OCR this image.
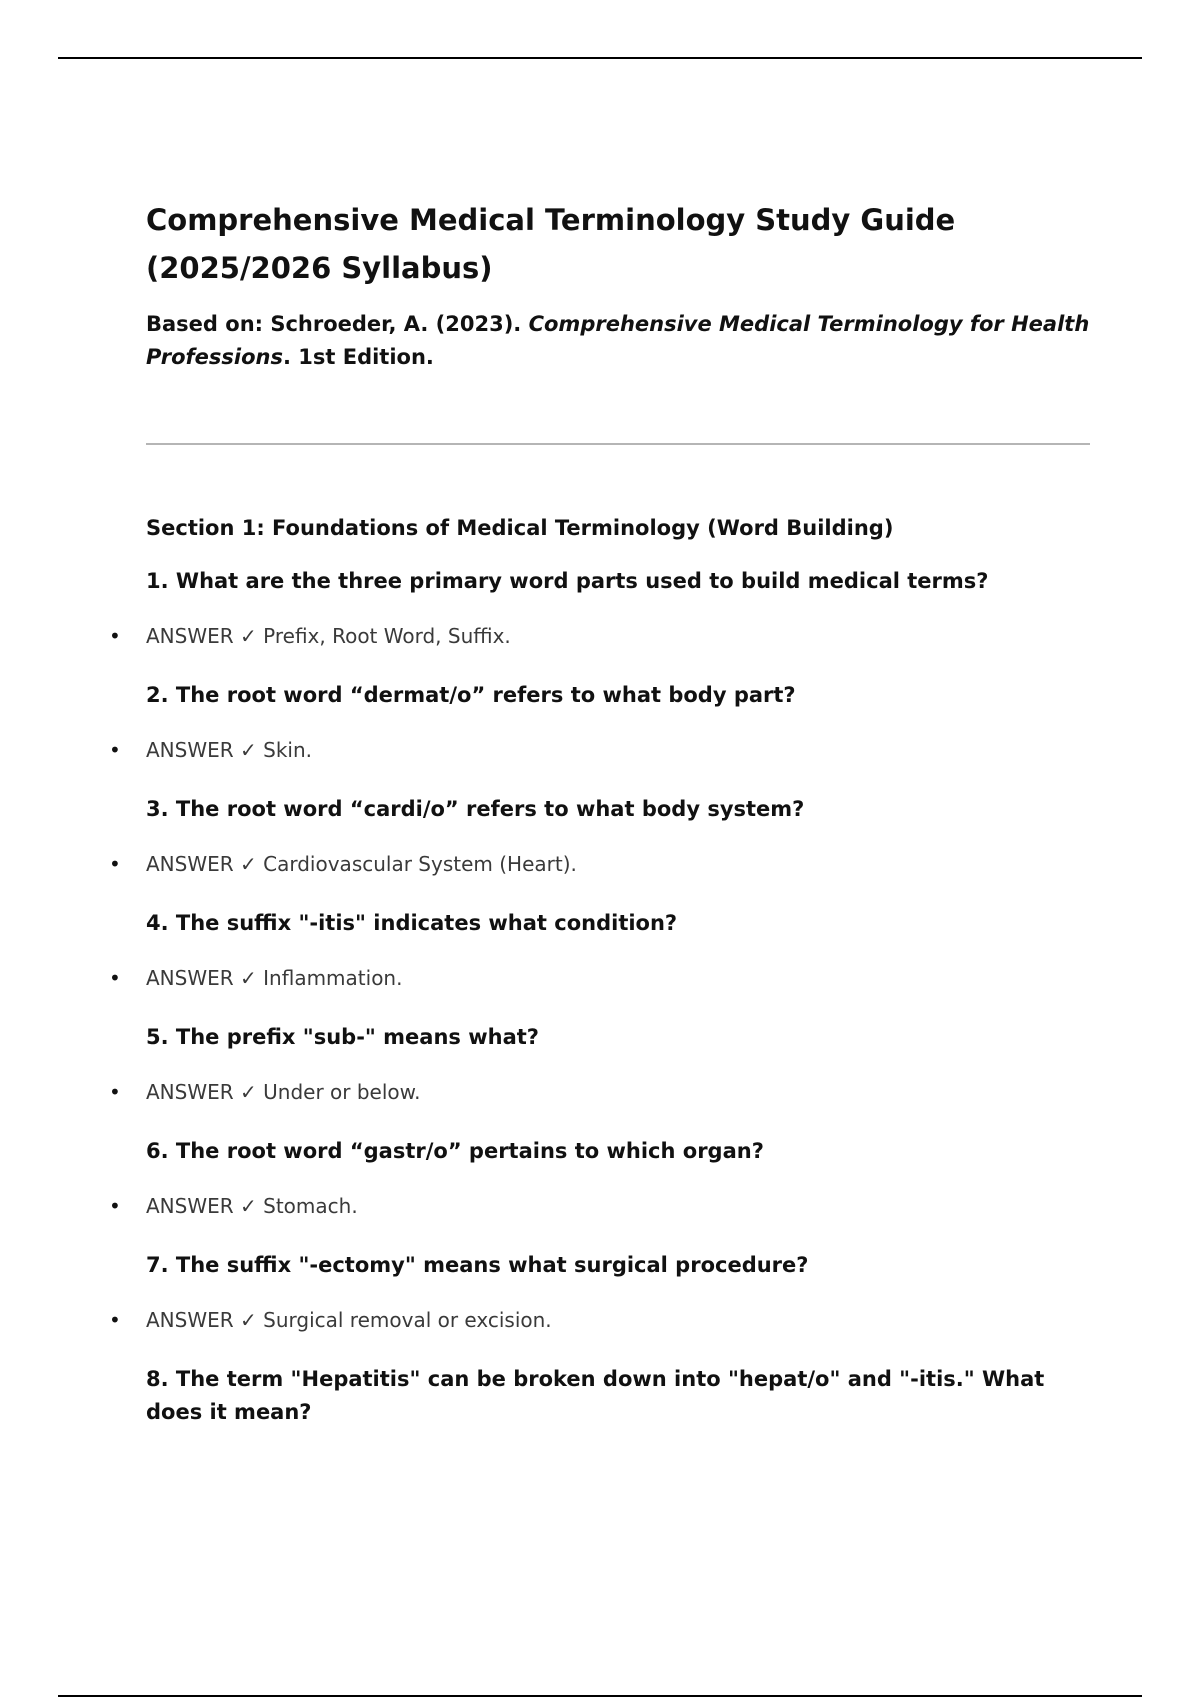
Comprehensive Medical Terminology Study Guide (2025/2026 Syllabus)

Based on: Schroeder, A. (2023). Comprehensive Medical Terminology for Health Professions. 1st Edition.

Section 1: Foundations of Medical Terminology (Word Building)

1. What are the three primary word parts used to build medical terms?

• ANSWER ✓ Prefix, Root Word, Suffix.

2. The root word “dermat/o” refers to what body part?

• ANSWER ✓ Skin.

3. The root word “cardi/o” refers to what body system?

• ANSWER ✓ Cardiovascular System (Heart).

4. The suffix "-itis" indicates what condition?

• ANSWER ✓ Inflammation.

5. The prefix "sub-" means what?

• ANSWER ✓ Under or below.

6. The root word “gastr/o” pertains to which organ?

• ANSWER ✓ Stomach.

7. The suffix "-ectomy" means what surgical procedure?

• ANSWER ✓ Surgical removal or excision.

8. The term "Hepatitis" can be broken down into "hepat/o" and "-itis." What does it mean?
